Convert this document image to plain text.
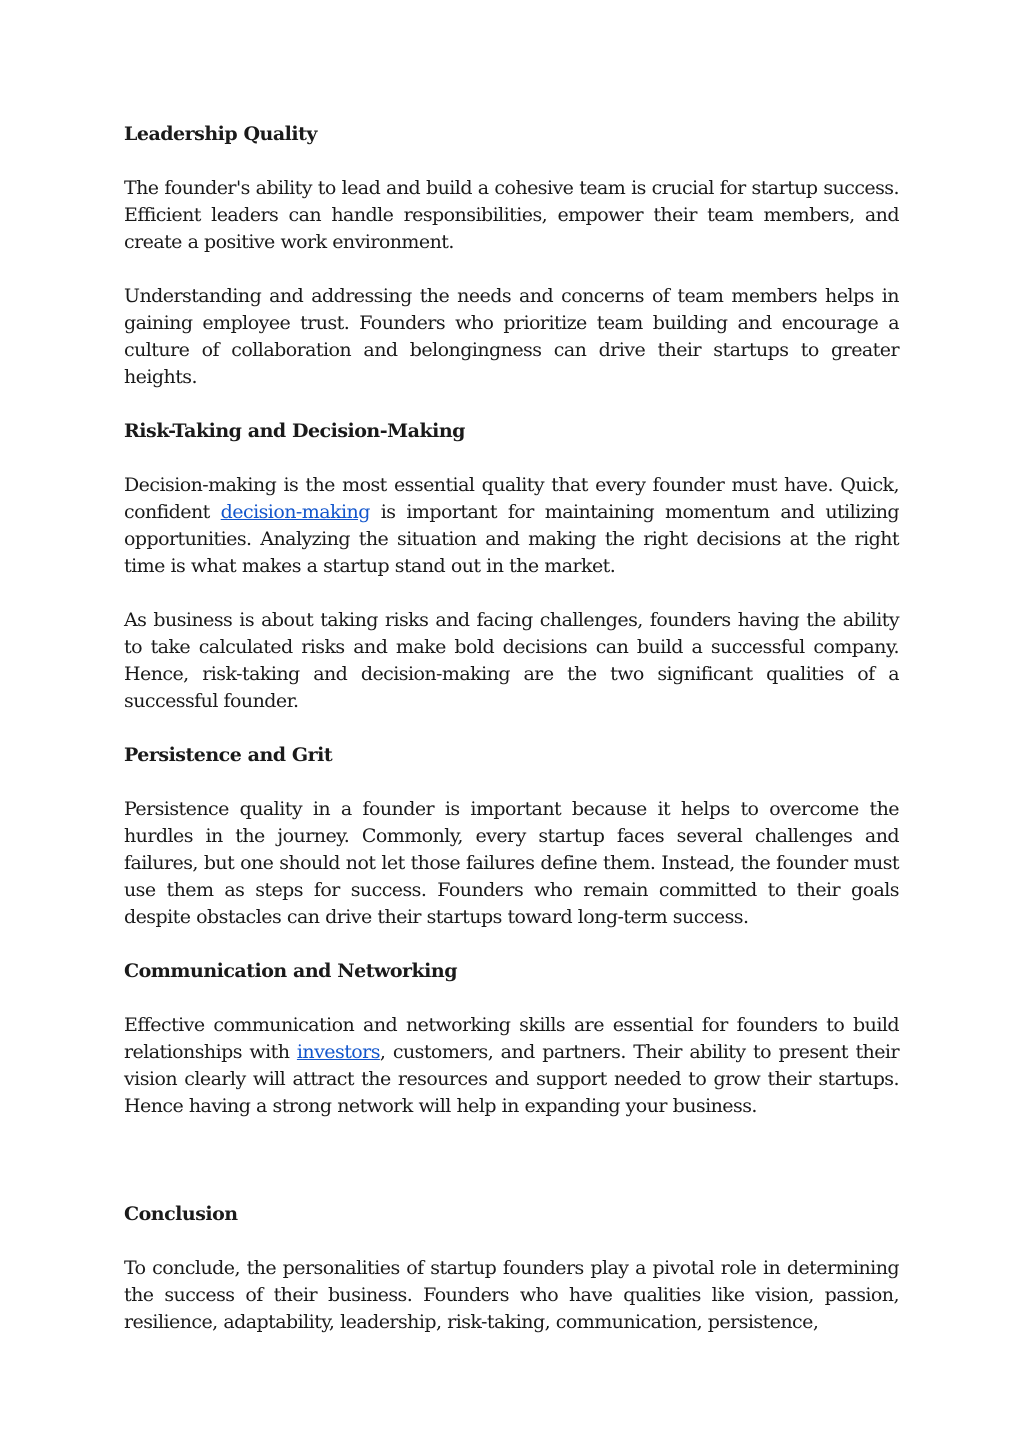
Leadership Quality
The founder's ability to lead and build a cohesive team is crucial for startup success. Efficient leaders can handle responsibilities, empower their team members, and create a positive work environment.
Understanding and addressing the needs and concerns of team members helps in gaining employee trust. Founders who prioritize team building and encourage a culture of collaboration and belongingness can drive their startups to greater heights.
Risk-Taking and Decision-Making
Decision-making is the most essential quality that every founder must have. Quick, confident decision-making is important for maintaining momentum and utilizing opportunities. Analyzing the situation and making the right decisions at the right time is what makes a startup stand out in the market.
As business is about taking risks and facing challenges, founders having the ability to take calculated risks and make bold decisions can build a successful company. Hence, risk-taking and decision-making are the two significant qualities of a successful founder.
Persistence and Grit
Persistence quality in a founder is important because it helps to overcome the hurdles in the journey. Commonly, every startup faces several challenges and failures, but one should not let those failures define them. Instead, the founder must use them as steps for success. Founders who remain committed to their goals despite obstacles can drive their startups toward long-term success.
Communication and Networking
Effective communication and networking skills are essential for founders to build relationships with investors, customers, and partners. Their ability to present their vision clearly will attract the resources and support needed to grow their startups. Hence having a strong network will help in expanding your business.
Conclusion
To conclude, the personalities of startup founders play a pivotal role in determining the success of their business. Founders who have qualities like vision, passion, resilience, adaptability, leadership, risk-taking, communication, persistence,
